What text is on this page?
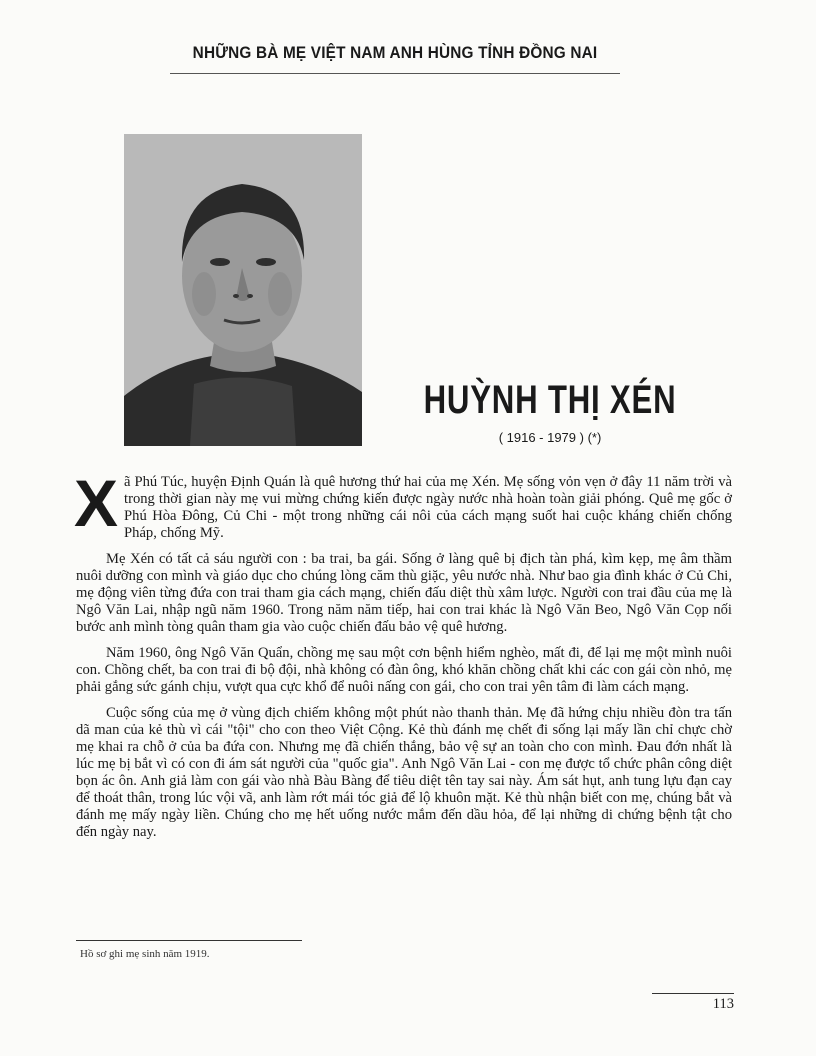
NHỮNG BÀ MẸ VIỆT NAM ANH HÙNG TỈNH ĐỒNG NAI
HUỲNH THỊ XÉN
( 1916 - 1979 ) (*)

Xã Phú Túc, huyện Định Quán là quê hương thứ hai của mẹ Xén. Mẹ sống vỏn vẹn ở đây 11 năm trời và trong thời gian này mẹ vui mừng chứng kiến được ngày nước nhà hoàn toàn giải phóng. Quê mẹ gốc ở Phú Hòa Đông, Củ Chi - một trong những cái nôi của cách mạng suốt hai cuộc kháng chiến chống Pháp, chống Mỹ.

Mẹ Xén có tất cả sáu người con : ba trai, ba gái. Sống ở làng quê bị địch tàn phá, kìm kẹp, mẹ âm thầm nuôi dưỡng con mình và giáo dục cho chúng lòng căm thù giặc, yêu nước nhà. Như bao gia đình khác ở Củ Chi, mẹ động viên từng đứa con trai tham gia cách mạng, chiến đấu diệt thù xâm lược. Người con trai đầu của mẹ là Ngô Văn Lai, nhập ngũ năm 1960. Trong năm năm tiếp, hai con trai khác là Ngô Văn Beo, Ngô Văn Cọp nối bước anh mình tòng quân tham gia vào cuộc chiến đấu bảo vệ quê hương.

Năm 1960, ông Ngô Văn Quẩn, chồng mẹ sau một cơn bệnh hiểm nghèo, mất đi, để lại mẹ một mình nuôi con. Chồng chết, ba con trai đi bộ đội, nhà không có đàn ông, khó khăn chồng chất khi các con gái còn nhỏ, mẹ phải gắng sức gánh chịu, vượt qua cực khổ để nuôi nấng con gái, cho con trai yên tâm đi làm cách mạng.

Cuộc sống của mẹ ở vùng địch chiếm không một phút nào thanh thản. Mẹ đã hứng chịu nhiều đòn tra tấn dã man của kẻ thù vì cái "tội" cho con theo Việt Cộng. Kẻ thù đánh mẹ chết đi sống lại mấy lần chỉ chực chờ mẹ khai ra chỗ ở của ba đứa con. Nhưng mẹ đã chiến thắng, bảo vệ sự an toàn cho con mình. Đau đớn nhất là lúc mẹ bị bắt vì có con đi ám sát người của "quốc gia". Anh Ngô Văn Lai - con mẹ được tổ chức phân công diệt bọn ác ôn. Anh giả làm con gái vào nhà Bàu Bàng để tiêu diệt tên tay sai này. Ám sát hụt, anh tung lựu đạn cay để thoát thân, trong lúc vội vã, anh làm rớt mái tóc giả để lộ khuôn mặt. Kẻ thù nhận biết con mẹ, chúng bắt và đánh mẹ mấy ngày liền. Chúng cho mẹ hết uống nước mắm đến dầu hỏa, để lại những di chứng bệnh tật cho đến ngày nay.

Hồ sơ ghi mẹ sinh năm 1919.
113
